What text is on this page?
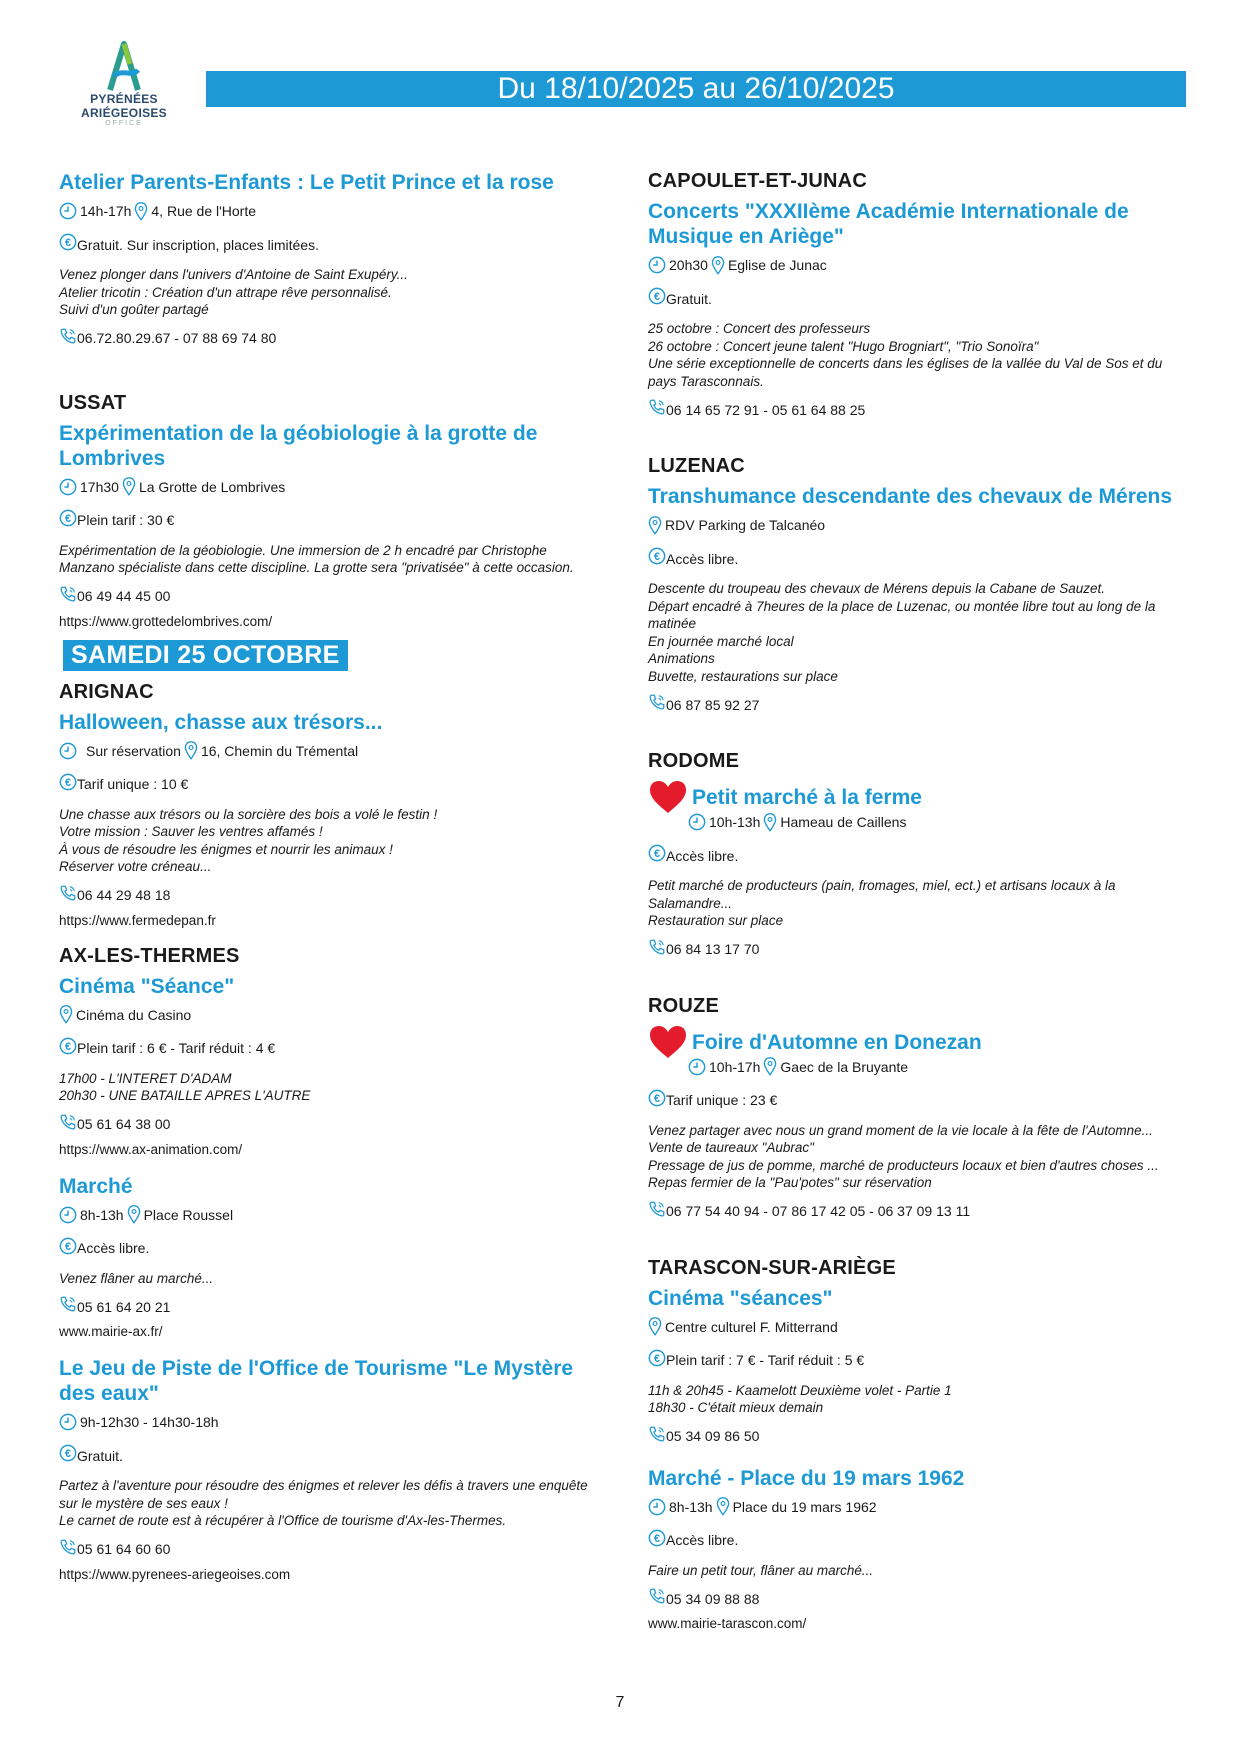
PYRÉNÉES
ARIÉGEOISES
OFFICE
Du 18/10/2025 au 26/10/2025
Atelier Parents-Enfants : Le Petit Prince et la rose
14h-17h 4, Rue de l'Horte
Gratuit. Sur inscription, places limitées.
Venez plonger dans l'univers d'Antoine de Saint Exupéry...
Atelier tricotin : Création d'un attrape rêve personnalisé.
Suivi d'un goûter partagé
06.72.80.29.67 - 07 88 69 74 80
USSAT
Expérimentation de la géobiologie à la grotte de Lombrives
17h30 La Grotte de Lombrives
Plein tarif : 30 €
Expérimentation de la géobiologie. Une immersion de 2 h encadré par Christophe Manzano spécialiste dans cette discipline. La grotte sera "privatisée" à cette occasion.
06 49 44 45 00
https://www.grottedelombrives.com/
SAMEDI 25 OCTOBRE
ARIGNAC
Halloween, chasse aux trésors...
Sur réservation 16, Chemin du Trémental
Tarif unique : 10 €
Une chasse aux trésors ou la sorcière des bois a volé le festin !
Votre mission : Sauver les ventres affamés !
À vous de résoudre les énigmes et nourrir les animaux !
Réserver votre créneau...
06 44 29 48 18
https://www.fermedepan.fr
AX-LES-THERMES
Cinéma "Séance"
Cinéma du Casino
Plein tarif : 6 € - Tarif réduit : 4 €
17h00 - L'INTERET D'ADAM
20h30 - UNE BATAILLE APRES L'AUTRE
05 61 64 38 00
https://www.ax-animation.com/
Marché
8h-13h Place Roussel
Accès libre.
Venez flâner au marché...
05 61 64 20 21
www.mairie-ax.fr/
Le Jeu de Piste de l'Office de Tourisme "Le Mystère des eaux"
9h-12h30 - 14h30-18h
Gratuit.
Partez à l'aventure pour résoudre des énigmes et relever les défis à travers une enquête sur le mystère de ses eaux !
Le carnet de route est à récupérer à l'Office de tourisme d'Ax-les-Thermes.
05 61 64 60 60
https://www.pyrenees-ariegeoises.com
CAPOULET-ET-JUNAC
Concerts "XXXIIème Académie Internationale de Musique en Ariège"
20h30 Eglise de Junac
Gratuit.
25 octobre : Concert des professeurs
26 octobre : Concert jeune talent "Hugo Brogniart", "Trio Sonoïra"
Une série exceptionnelle de concerts dans les églises de la vallée du Val de Sos et du pays Tarasconnais.
06 14 65 72 91 - 05 61 64 88 25
LUZENAC
Transhumance descendante des chevaux de Mérens
RDV Parking de Talcanéo
Accès libre.
Descente du troupeau des chevaux de Mérens depuis la Cabane de Sauzet.
Départ encadré à 7heures de la place de Luzenac, ou montée libre tout au long de la matinée
En journée marché local
Animations
Buvette, restaurations sur place
06 87 85 92 27
RODOME
Petit marché à la ferme
10h-13h Hameau de Caillens
Accès libre.
Petit marché de producteurs (pain, fromages, miel, ect.) et artisans locaux à la Salamandre...
Restauration sur place
06 84 13 17 70
ROUZE
Foire d'Automne en Donezan
10h-17h Gaec de la Bruyante
Tarif unique : 23 €
Venez partager avec nous un grand moment de la vie locale à la fête de l'Automne...
Vente de taureaux "Aubrac"
Pressage de jus de pomme, marché de producteurs locaux et bien d'autres choses ...
Repas fermier de la "Pau'potes" sur réservation
06 77 54 40 94 - 07 86 17 42 05 - 06 37 09 13 11
TARASCON-SUR-ARIÈGE
Cinéma "séances"
Centre culturel F. Mitterrand
Plein tarif : 7 € - Tarif réduit : 5 €
11h & 20h45 - Kaamelott Deuxième volet - Partie 1
18h30 - C'était mieux demain
05 34 09 86 50
Marché - Place du 19 mars 1962
8h-13h Place du 19 mars 1962
Accès libre.
Faire un petit tour, flâner au marché...
05 34 09 88 88
www.mairie-tarascon.com/
7
